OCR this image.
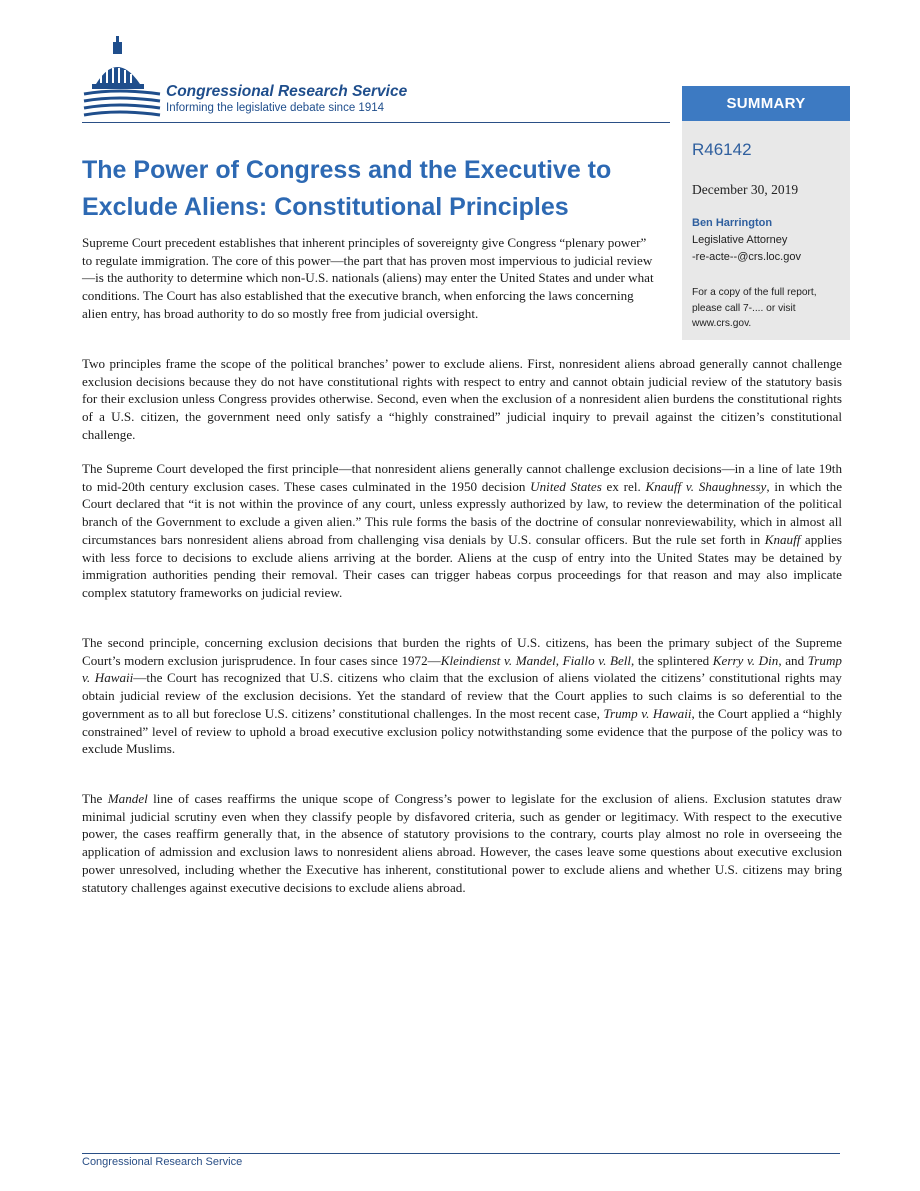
Congressional Research Service
Informing the legislative debate since 1914	SUMMARY
R46142
December 30, 2019
Ben Harrington
Legislative Attorney
-re-acte--@crs.loc.gov
For a copy of the full report, please call 7-.... or visit www.crs.gov.
The Power of Congress and the Executive to Exclude Aliens: Constitutional Principles

Supreme Court precedent establishes that inherent principles of sovereignty give Congress “plenary power” to regulate immigration. The core of this power—the part that has proven most impervious to judicial review—is the authority to determine which non-U.S. nationals (aliens) may enter the United States and under what conditions. The Court has also established that the executive branch, when enforcing the laws concerning alien entry, has broad authority to do so mostly free from judicial oversight.

Two principles frame the scope of the political branches’ power to exclude aliens. First, nonresident aliens abroad generally cannot challenge exclusion decisions because they do not have constitutional rights with respect to entry and cannot obtain judicial review of the statutory basis for their exclusion unless Congress provides otherwise. Second, even when the exclusion of a nonresident alien burdens the constitutional rights of a U.S. citizen, the government need only satisfy a “highly constrained” judicial inquiry to prevail against the citizen’s constitutional challenge.

The Supreme Court developed the first principle—that nonresident aliens generally cannot challenge exclusion decisions—in a line of late 19th to mid-20th century exclusion cases. These cases culminated in the 1950 decision United States ex rel. Knauff v. Shaughnessy, in which the Court declared that “it is not within the province of any court, unless expressly authorized by law, to review the determination of the political branch of the Government to exclude a given alien.” This rule forms the basis of the doctrine of consular nonreviewability, which in almost all circumstances bars nonresident aliens abroad from challenging visa denials by U.S. consular officers. But the rule set forth in Knauff applies with less force to decisions to exclude aliens arriving at the border. Aliens at the cusp of entry into the United States may be detained by immigration authorities pending their removal. Their cases can trigger habeas corpus proceedings for that reason and may also implicate complex statutory frameworks on judicial review.

The second principle, concerning exclusion decisions that burden the rights of U.S. citizens, has been the primary subject of the Supreme Court’s modern exclusion jurisprudence. In four cases since 1972—Kleindienst v. Mandel, Fiallo v. Bell, the splintered Kerry v. Din, and Trump v. Hawaii—the Court has recognized that U.S. citizens who claim that the exclusion of aliens violated the citizens’ constitutional rights may obtain judicial review of the exclusion decisions. Yet the standard of review that the Court applies to such claims is so deferential to the government as to all but foreclose U.S. citizens’ constitutional challenges. In the most recent case, Trump v. Hawaii, the Court applied a “highly constrained” level of review to uphold a broad executive exclusion policy notwithstanding some evidence that the purpose of the policy was to exclude Muslims.

The Mandel line of cases reaffirms the unique scope of Congress’s power to legislate for the exclusion of aliens. Exclusion statutes draw minimal judicial scrutiny even when they classify people by disfavored criteria, such as gender or legitimacy. With respect to the executive power, the cases reaffirm generally that, in the absence of statutory provisions to the contrary, courts play almost no role in overseeing the application of admission and exclusion laws to nonresident aliens abroad. However, the cases leave some questions about executive exclusion power unresolved, including whether the Executive has inherent, constitutional power to exclude aliens and whether U.S. citizens may bring statutory challenges against executive decisions to exclude aliens abroad.

Congressional Research Service
